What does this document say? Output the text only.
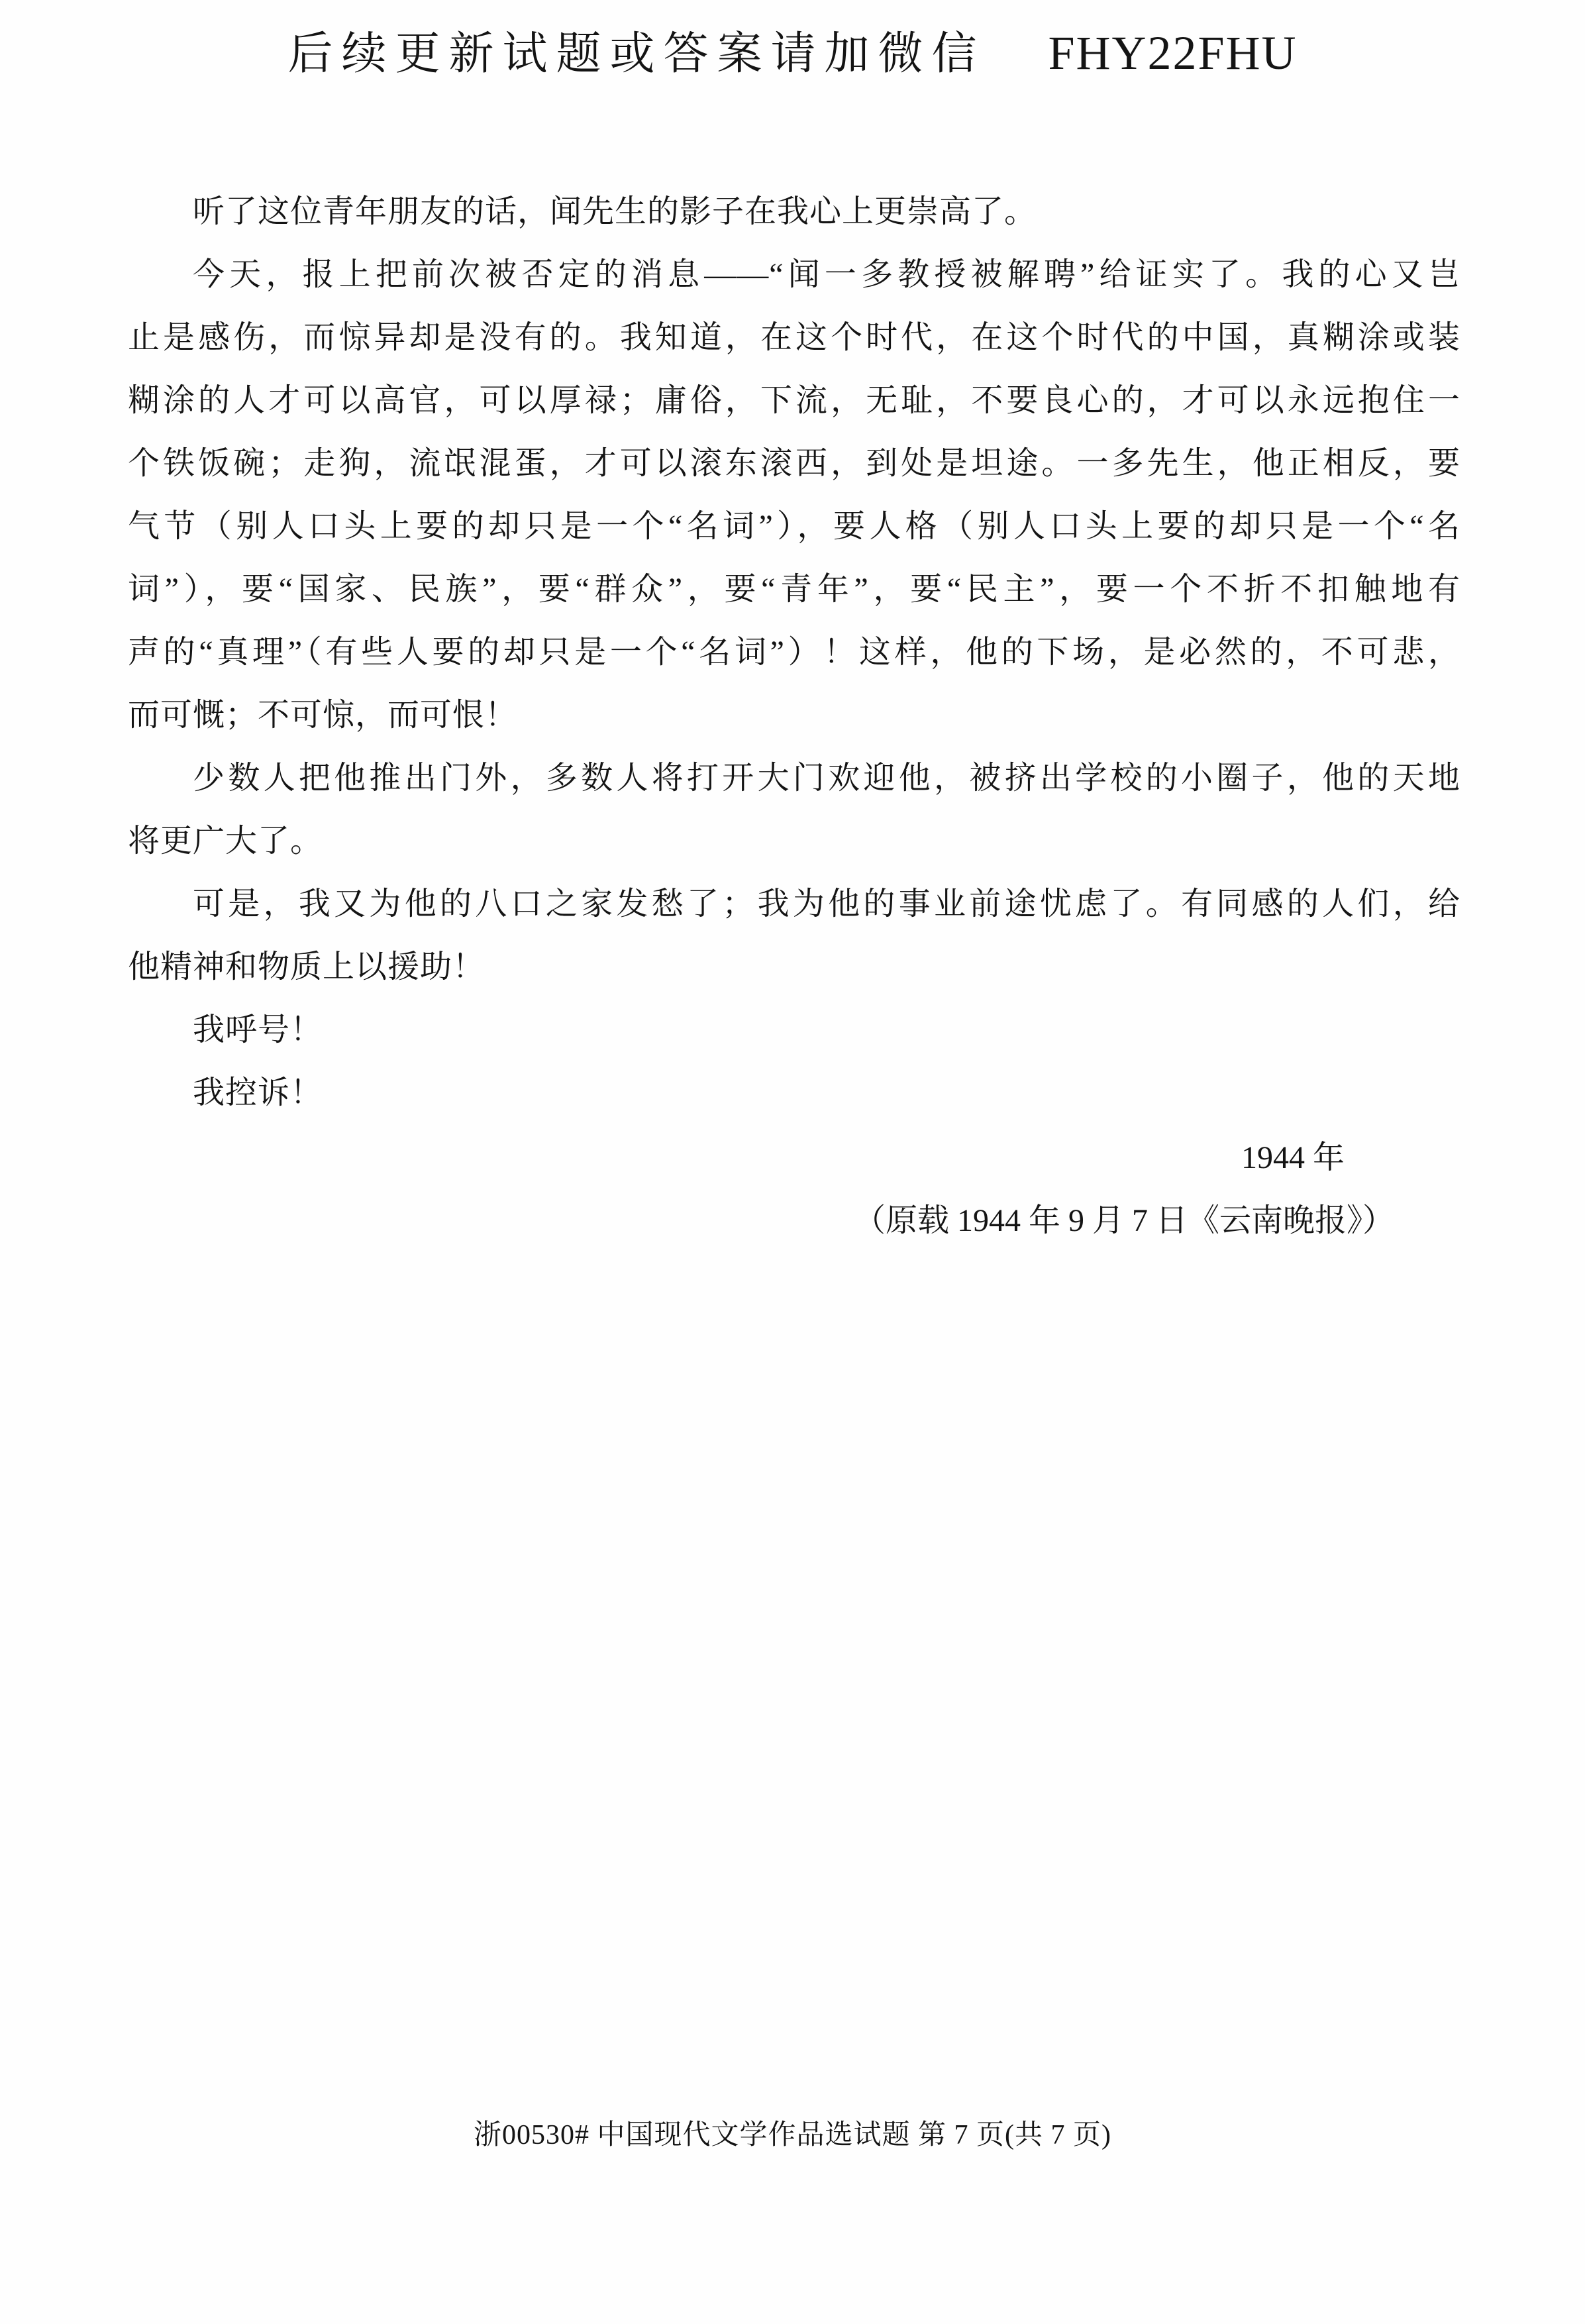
后续更新试题或答案请加微信 FHY22FHU
听了这位青年朋友的话，闻先生的影子在我心上更崇高了。
今天，报上把前次被否定的消息——“闻一多教授被解聘”给证实了。我的心又岂
止是感伤，而惊异却是没有的。我知道，在这个时代，在这个时代的中国，真糊涂或装
糊涂的人才可以高官，可以厚禄；庸俗，下流，无耻，不要良心的，才可以永远抱住一
个铁饭碗；走狗，流氓混蛋，才可以滚东滚西，到处是坦途。一多先生，他正相反，要
气节（别人口头上要的却只是一个“名词”），要人格（别人口头上要的却只是一个“名
词”），要“国家、民族”，要“群众”，要“青年”，要“民主”，要一个不折不扣触地有
声的“真理”（有些人要的却只是一个“名词”）！这样，他的下场，是必然的，不可悲，
而可慨；不可惊，而可恨！
少数人把他推出门外，多数人将打开大门欢迎他，被挤出学校的小圈子，他的天地
将更广大了。
可是，我又为他的八口之家发愁了；我为他的事业前途忧虑了。有同感的人们，给
他精神和物质上以援助！
我呼号！
我控诉！
1944 年
（原载 1944 年 9 月 7 日《云南晚报》）
浙00530# 中国现代文学作品选试题 第 7 页(共 7 页)
